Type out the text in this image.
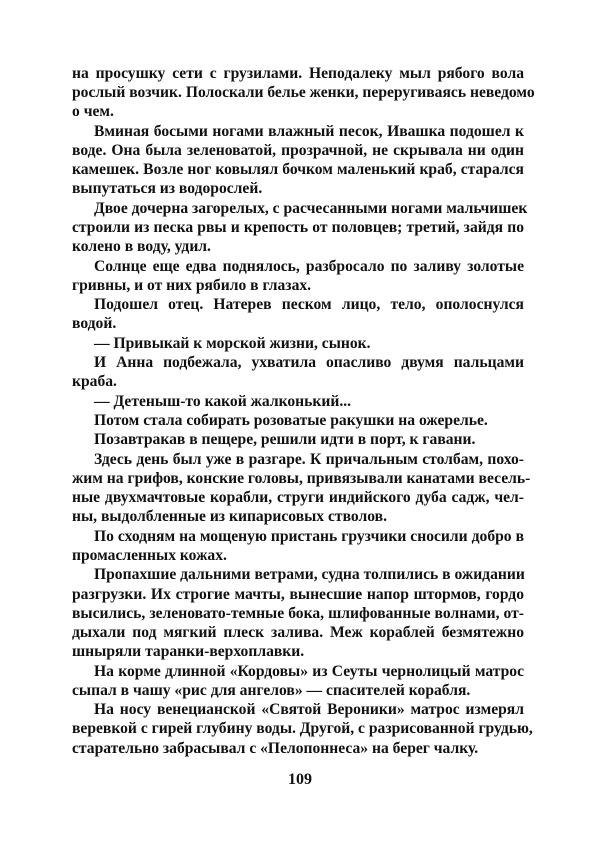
на просушку сети с грузилами. Неподалеку мыл рябого вола
рослый возчик. Полоскали белье женки, переругиваясь неведомо
о чем.
Вминая босыми ногами влажный песок, Ивашка подошел к
воде. Она была зеленоватой, прозрачной, не скрывала ни один
камешек. Возле ног ковылял бочком маленький краб, старался
выпутаться из водорослей.
Двое дочерна загорелых, с расчесанными ногами мальчишек
строили из песка рвы и крепость от половцев; третий, зайдя по
колено в воду, удил.
Солнце еще едва поднялось, разбросало по заливу золотые
гривны, и от них рябило в глазах.
Подошел отец. Натерев песком лицо, тело, ополоснулся
водой.
— Привыкай к морской жизни, сынок.
И Анна подбежала, ухватила опасливо двумя пальцами
краба.
— Детеныш-то какой жалконький...
Потом стала собирать розоватые ракушки на ожерелье.
Позавтракав в пещере, решили идти в порт, к гавани.
Здесь день был уже в разгаре. К причальным столбам, похо-
жим на грифов, конские головы, привязывали канатами весель-
ные двухмачтовые корабли, струги индийского дуба садж, чел-
ны, выдолбленные из кипарисовых стволов.
По сходням на мощеную пристань грузчики сносили добро в
промасленных кожах.
Пропахшие дальними ветрами, судна толпились в ожидании
разгрузки. Их строгие мачты, вынесшие напор штормов, гордо
высились, зеленовато-темные бока, шлифованные волнами, от-
дыхали под мягкий плеск залива. Меж кораблей безмятежно
шныряли таранки-верхоплавки.
На корме длинной «Кордовы» из Сеуты чернолицый матрос
сыпал в чашу «рис для ангелов» — спасителей корабля.
На носу венецианской «Святой Вероники» матрос измерял
веревкой с гирей глубину воды. Другой, с разрисованной грудью,
старательно забрасывал с «Пелопоннеса» на берег чалку.
109
